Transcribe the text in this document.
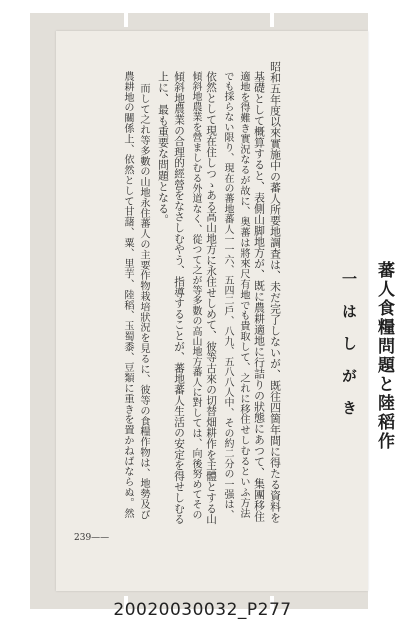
蕃人食糧問題と陸稻作
一 は し が き
昭和五年度以來實施中の蕃人所要地調査は、未だ完了しないが、既往四箇年間に得たる資料を
基礎として概算すると、表側山脚地方が、既に農耕適地に行詰りの狀態にあつて、集團移住
適地を得難き實況なるが故に、奥蕃は將來尺有地でも貴取して、之れに移住せしむるといふ方法
でも採らない限り、現在の蕃地蕃人一一六、五四二戶、八九、五八八人中、その約二分の一强は、
依然として現在住しつゝある高山地方に永住せしめて、彼等古來の切替畑耕作を主體とする山
傾斜地農業を營ましむる外道なく、從つて之が等多數の高山地方蕃人に對しては、向後努めてその
傾斜地農業の合理的經營をなさしむやう、指導することが、蕃地蕃人生活の安定を得せしむる
上に、最も重要な問題となる。
而して之れ等多數の山地永住蕃人の主要作物栽培狀況を見るに、彼等の食糧作物は、地勢及び
農耕地の關係上、依然として甘藷、粟、里芋、陸稻、玉蜀黍、豆類に重きを置かねばならぬ。然
239——
20020030032_P277
